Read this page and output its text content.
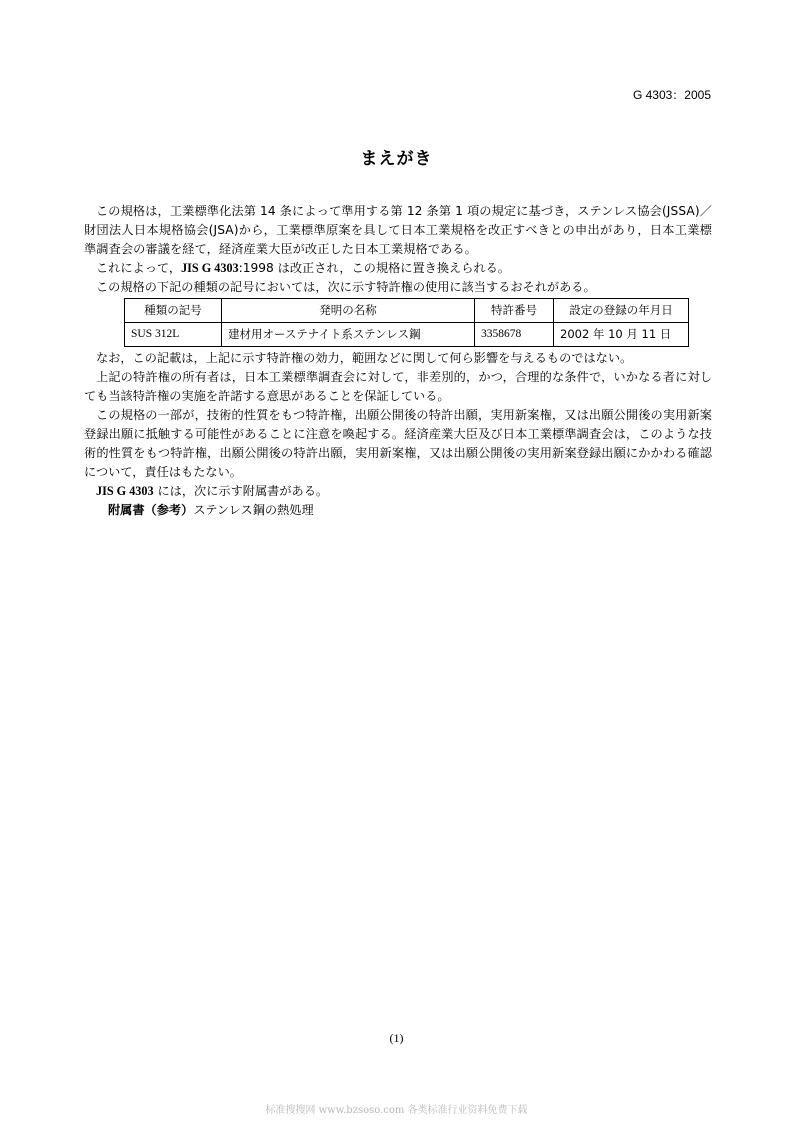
G 4303：2005
まえがき

この規格は，工業標準化法第 14 条によって準用する第 12 条第 1 項の規定に基づき，ステンレス協会(JSSA)／財団法人日本規格協会(JSA)から，工業標準原案を具して日本工業規格を改正すべきとの申出があり，日本工業標準調査会の審議を経て，経済産業大臣が改正した日本工業規格である。

これによって，JIS G 4303:1998 は改正され，この規格に置き換えられる。

この規格の下記の種類の記号においては，次に示す特許権の使用に該当するおそれがある。

種類の記号	発明の名称	特許番号	設定の登録の年月日
SUS 312L	建材用オーステナイト系ステンレス鋼	3358678	2002 年 10 月 11 日

なお，この記載は，上記に示す特許権の効力，範囲などに関して何ら影響を与えるものではない。

上記の特許権の所有者は，日本工業標準調査会に対して，非差別的，かつ，合理的な条件で，いかなる者に対しても当該特許権の実施を許諾する意思があることを保証している。

この規格の一部が，技術的性質をもつ特許権，出願公開後の特許出願，実用新案権，又は出願公開後の実用新案登録出願に抵触する可能性があることに注意を喚起する。経済産業大臣及び日本工業標準調査会は，このような技術的性質をもつ特許権，出願公開後の特許出願，実用新案権，又は出願公開後の実用新案登録出願にかかわる確認について，責任はもたない。

JIS G 4303 には，次に示す附属書がある。

附属書（参考）ステンレス鋼の熱処理

(1)
标准搜搜网 www.bzsoso.com 各类标准行业资料免费下载
